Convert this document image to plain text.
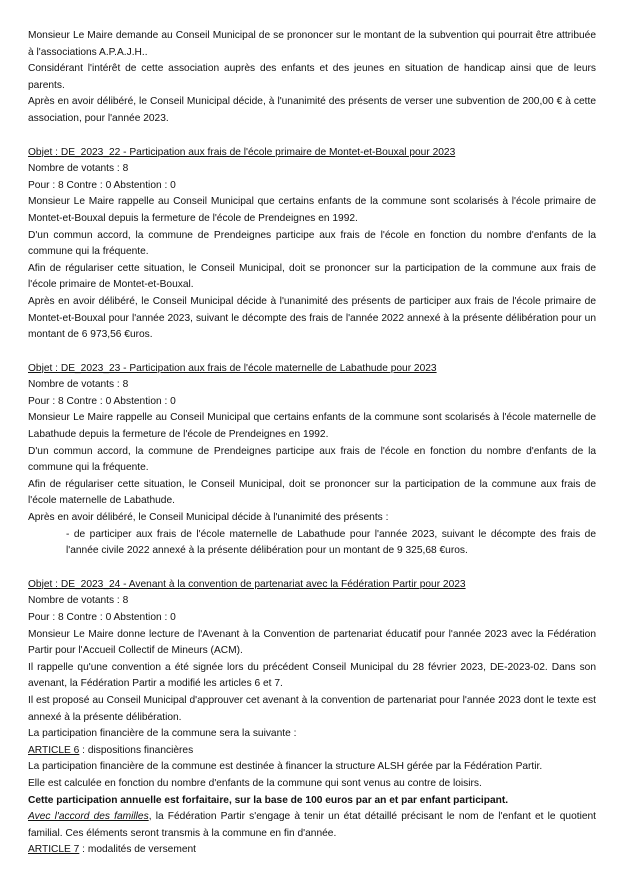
Monsieur Le Maire demande au Conseil Municipal de se prononcer sur le montant de la subvention qui pourrait être attribuée à l'associations A.P.A.J.H..

Considérant l'intérêt de cette association auprès des enfants et des jeunes en situation de handicap ainsi que de leurs parents.

Après en avoir délibéré, le Conseil Municipal décide, à l'unanimité des présents de verser une subvention de 200,00 € à cette association, pour l'année 2023.

Objet : DE_2023_22 - Participation aux frais de l'école primaire de Montet-et-Bouxal pour 2023

Nombre de votants : 8

Pour : 8 Contre : 0 Abstention : 0

Monsieur Le Maire rappelle au Conseil Municipal que certains enfants de la commune sont scolarisés à l'école primaire de Montet-et-Bouxal depuis la fermeture de l'école de Prendeignes en 1992.

D'un commun accord, la commune de Prendeignes participe aux frais de l'école en fonction du nombre d'enfants de la commune qui la fréquente.

Afin de régulariser cette situation, le Conseil Municipal, doit se prononcer sur la participation de la commune aux frais de l'école primaire de Montet-et-Bouxal.

Après en avoir délibéré, le Conseil Municipal décide à l'unanimité des présents de participer aux frais de l'école primaire de Montet-et-Bouxal pour l'année 2023, suivant le décompte des frais de l'année 2022 annexé à la présente délibération pour un montant de 6 973,56 €uros.

Objet : DE_2023_23 - Participation aux frais de l'école maternelle de Labathude pour 2023

Nombre de votants : 8

Pour : 8 Contre : 0 Abstention : 0

Monsieur Le Maire rappelle au Conseil Municipal que certains enfants de la commune sont scolarisés à l'école maternelle de Labathude depuis la fermeture de l'école de Prendeignes en 1992.

D'un commun accord, la commune de Prendeignes participe aux frais de l'école en fonction du nombre d'enfants de la commune qui la fréquente.

Afin de régulariser cette situation, le Conseil Municipal, doit se prononcer sur la participation de la commune aux frais de l'école maternelle de Labathude.

Après en avoir délibéré, le Conseil Municipal décide à l'unanimité des présents :

- de participer aux frais de l'école maternelle de Labathude pour l'année 2023, suivant le décompte des frais de l'année civile 2022 annexé à la présente délibération pour un montant de 9 325,68 €uros.

Objet : DE_2023_24 - Avenant à la convention de partenariat avec la Fédération Partir pour 2023

Nombre de votants : 8

Pour : 8 Contre : 0 Abstention : 0

Monsieur Le Maire donne lecture de l'Avenant à la Convention de partenariat éducatif pour l'année 2023 avec la Fédération Partir pour l'Accueil Collectif de Mineurs (ACM).

Il rappelle qu'une convention a été signée lors du précédent Conseil Municipal du 28 février 2023, DE-2023-02. Dans son avenant, la Fédération Partir a modifié les articles 6 et 7.

Il est proposé au Conseil Municipal d'approuver cet avenant à la convention de partenariat pour l'année 2023 dont le texte est annexé à la présente délibération.

La participation financière de la commune sera la suivante :

ARTICLE 6 : dispositions financières

La participation financière de la commune est destinée à financer la structure ALSH gérée par la Fédération Partir.

Elle est calculée en fonction du nombre d'enfants de la commune qui sont venus au contre de loisirs.

Cette participation annuelle est forfaitaire, sur la base de 100 euros par an et par enfant participant.

Avec l'accord des familles, la Fédération Partir s'engage à tenir un état détaillé précisant le nom de l'enfant et le quotient familial. Ces éléments seront transmis à la commune en fin d'année.

ARTICLE 7 : modalités de versement
